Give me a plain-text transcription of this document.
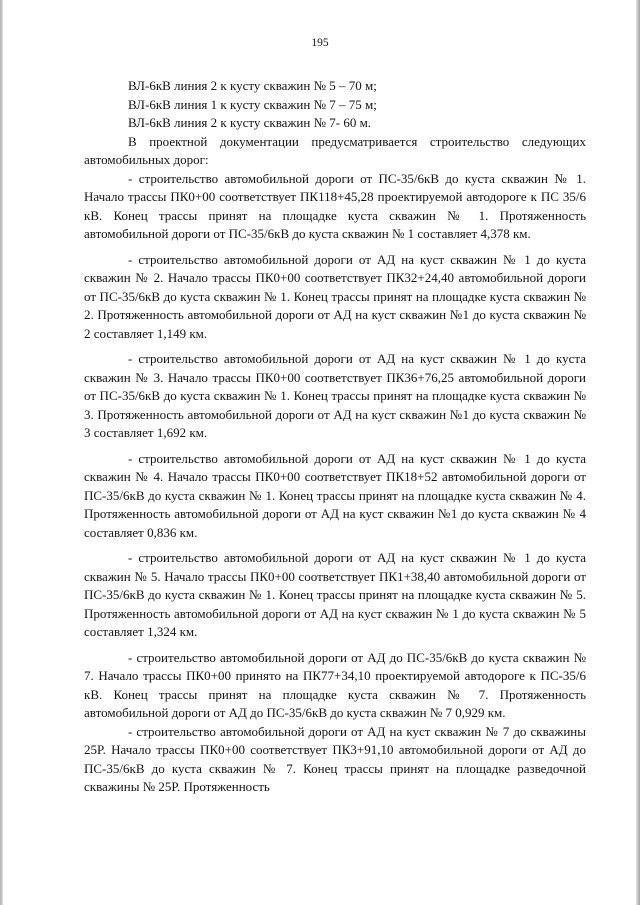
195
ВЛ-6кВ линия 2 к кусту скважин № 5 – 70 м;
ВЛ-6кВ линия 1 к кусту скважин № 7 – 75 м;
ВЛ-6кВ линия 2 к кусту скважин № 7- 60 м.

В проектной документации предусматривается строительство следующих автомобильных дорог:

- строительство автомобильной дороги от ПС-35/6кВ до куста скважин № 1. Начало трассы ПК0+00 соответствует ПК118+45,28 проектируемой автодороге к ПС 35/6 кВ. Конец трассы принят на площадке куста скважин № 1. Протяженность автомобильной дороги от ПС-35/6кВ до куста скважин № 1 составляет 4,378 км.

- строительство автомобильной дороги от АД на куст скважин № 1 до куста скважин № 2. Начало трассы ПК0+00 соответствует ПК32+24,40 автомобильной дороги от ПС-35/6кВ до куста скважин № 1. Конец трассы принят на площадке куста скважин № 2. Протяженность автомобильной дороги от АД на куст скважин №1 до куста скважин № 2 составляет 1,149 км.

- строительство автомобильной дороги от АД на куст скважин № 1 до куста скважин № 3. Начало трассы ПК0+00 соответствует ПК36+76,25 автомобильной дороги от ПС-35/6кВ до куста скважин № 1. Конец трассы принят на площадке куста скважин № 3. Протяженность автомобильной дороги от АД на куст скважин №1 до куста скважин № 3 составляет 1,692 км.

- строительство автомобильной дороги от АД на куст скважин № 1 до куста скважин № 4. Начало трассы ПК0+00 соответствует ПК18+52 автомобильной дороги от ПС-35/6кВ до куста скважин № 1. Конец трассы принят на площадке куста скважин № 4. Протяженность автомобильной дороги от АД на куст скважин №1 до куста скважин № 4 составляет 0,836 км.

- строительство автомобильной дороги от АД на куст скважин № 1 до куста скважин № 5. Начало трассы ПК0+00 соответствует ПК1+38,40 автомобильной дороги от ПС-35/6кВ до куста скважин № 1. Конец трассы принят на площадке куста скважин № 5. Протяженность автомобильной дороги от АД на куст скважин № 1 до куста скважин № 5 составляет 1,324 км.

- строительство автомобильной дороги от АД до ПС-35/6кВ до куста скважин № 7. Начало трассы ПК0+00 принято на ПК77+34,10 проектируемой автодороге к ПС-35/6 кВ. Конец трассы принят на площадке куста скважин № 7. Протяженность автомобильной дороги от АД до ПС-35/6кВ до куста скважин № 7 0,929 км.

- строительство автомобильной дороги от АД на куст скважин № 7 до скважины 25Р. Начало трассы ПК0+00 соответствует ПК3+91,10 автомобильной дороги от АД до ПС-35/6кВ до куста скважин № 7. Конец трассы принят на площадке разведочной скважины № 25Р. Протяженность
